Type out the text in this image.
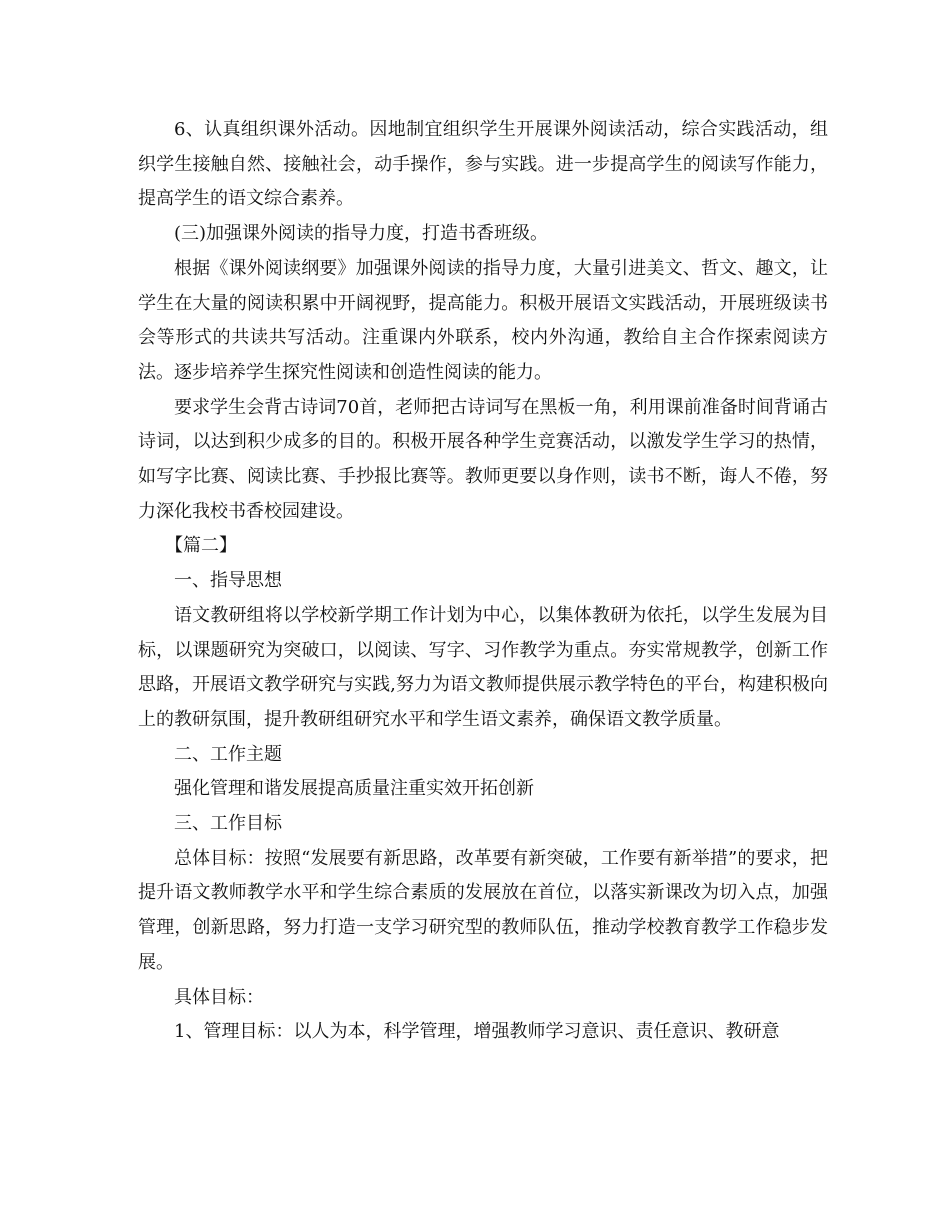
6、认真组织课外活动。因地制宜组织学生开展课外阅读活动，综合实践活动，组织学生接触自然、接触社会，动手操作，参与实践。进一步提高学生的阅读写作能力，提高学生的语文综合素养。

(三)加强课外阅读的指导力度，打造书香班级。

根据《课外阅读纲要》加强课外阅读的指导力度，大量引进美文、哲文、趣文，让学生在大量的阅读积累中开阔视野，提高能力。积极开展语文实践活动，开展班级读书会等形式的共读共写活动。注重课内外联系，校内外沟通，教给自主合作探索阅读方法。逐步培养学生探究性阅读和创造性阅读的能力。

要求学生会背古诗词70首，老师把古诗词写在黑板一角，利用课前准备时间背诵古诗词，以达到积少成多的目的。积极开展各种学生竞赛活动，以激发学生学习的热情，如写字比赛、阅读比赛、手抄报比赛等。教师更要以身作则，读书不断，诲人不倦，努力深化我校书香校园建设。

【篇二】

一、指导思想

语文教研组将以学校新学期工作计划为中心，以集体教研为依托，以学生发展为目标，以课题研究为突破口，以阅读、写字、习作教学为重点。夯实常规教学，创新工作思路，开展语文教学研究与实践,努力为语文教师提供展示教学特色的平台，构建积极向上的教研氛围，提升教研组研究水平和学生语文素养，确保语文教学质量。

二、工作主题

强化管理和谐发展提高质量注重实效开拓创新

三、工作目标

总体目标：按照“发展要有新思路，改革要有新突破，工作要有新举措”的要求，把提升语文教师教学水平和学生综合素质的发展放在首位，以落实新课改为切入点，加强管理，创新思路，努力打造一支学习研究型的教师队伍，推动学校教育教学工作稳步发展。

具体目标：

1、管理目标：以人为本，科学管理，增强教师学习意识、责任意识、教研意
